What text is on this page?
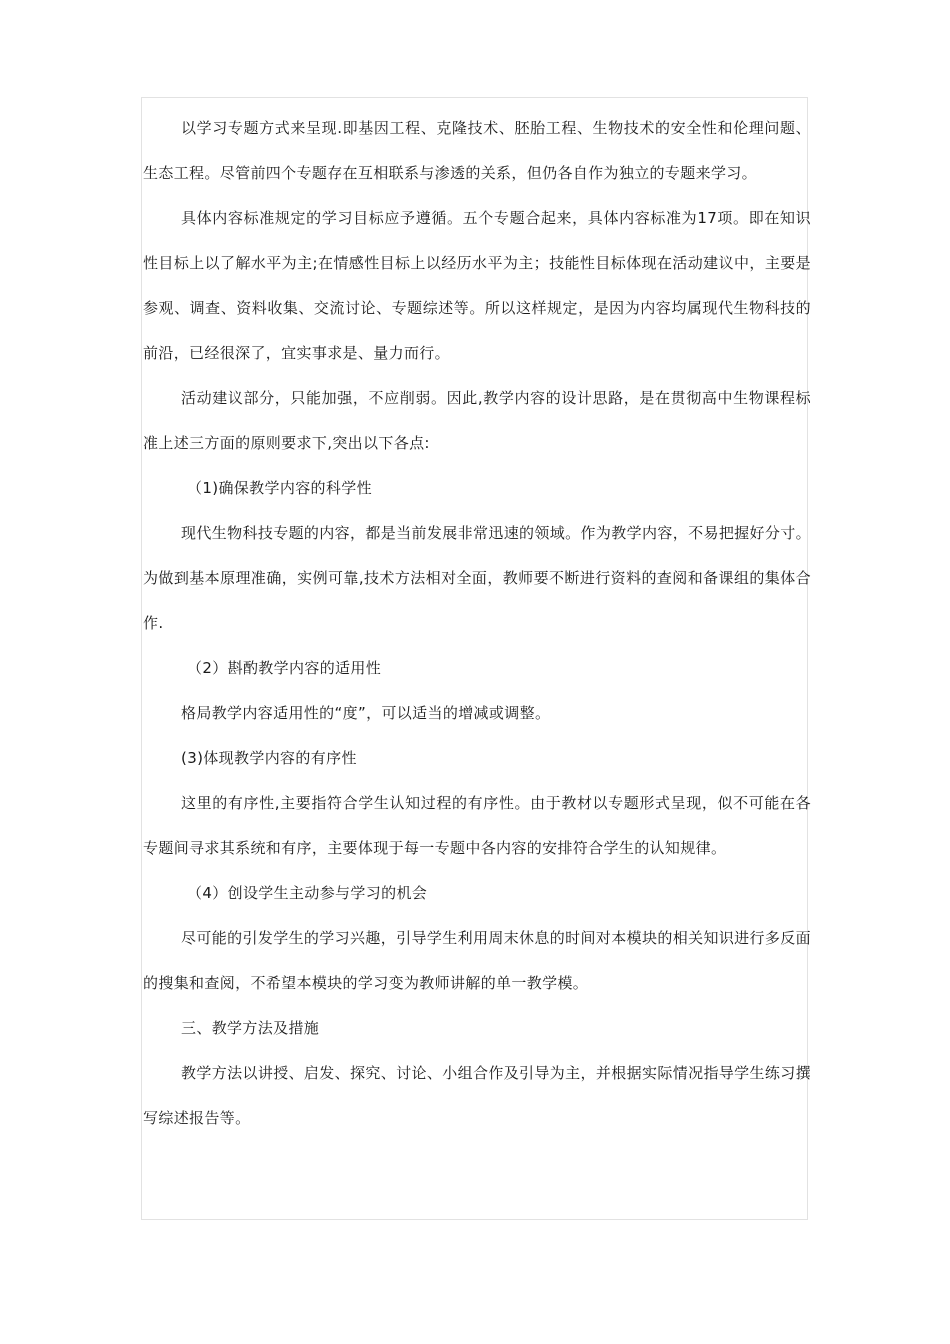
以学习专题方式来呈现.即基因工程、克隆技术、胚胎工程、生物技术的安全性和伦理问题、生态工程。尽管前四个专题存在互相联系与渗透的关系，但仍各自作为独立的专题来学习。

具体内容标准规定的学习目标应予遵循。五个专题合起来，具体内容标准为17项。即在知识性目标上以了解水平为主;在情感性目标上以经历水平为主；技能性目标体现在活动建议中，主要是参观、调查、资料收集、交流讨论、专题综述等。所以这样规定，是因为内容均属现代生物科技的前沿，已经很深了，宜实事求是、量力而行。

活动建议部分，只能加强，不应削弱。因此,教学内容的设计思路，是在贯彻高中生物课程标准上述三方面的原则要求下,突出以下各点:

（1)确保教学内容的科学性

现代生物科技专题的内容，都是当前发展非常迅速的领域。作为教学内容，不易把握好分寸。为做到基本原理准确，实例可靠,技术方法相对全面，教师要不断进行资料的查阅和备课组的集体合作.

（2）斟酌教学内容的适用性

格局教学内容适用性的“度”，可以适当的增减或调整。

(3)体现教学内容的有序性

这里的有序性,主要指符合学生认知过程的有序性。由于教材以专题形式呈现，似不可能在各专题间寻求其系统和有序，主要体现于每一专题中各内容的安排符合学生的认知规律。

（4）创设学生主动参与学习的机会

尽可能的引发学生的学习兴趣，引导学生利用周末休息的时间对本模块的相关知识进行多反面的搜集和查阅，不希望本模块的学习变为教师讲解的单一教学模。

三、教学方法及措施

教学方法以讲授、启发、探究、讨论、小组合作及引导为主，并根据实际情况指导学生练习撰写综述报告等。
